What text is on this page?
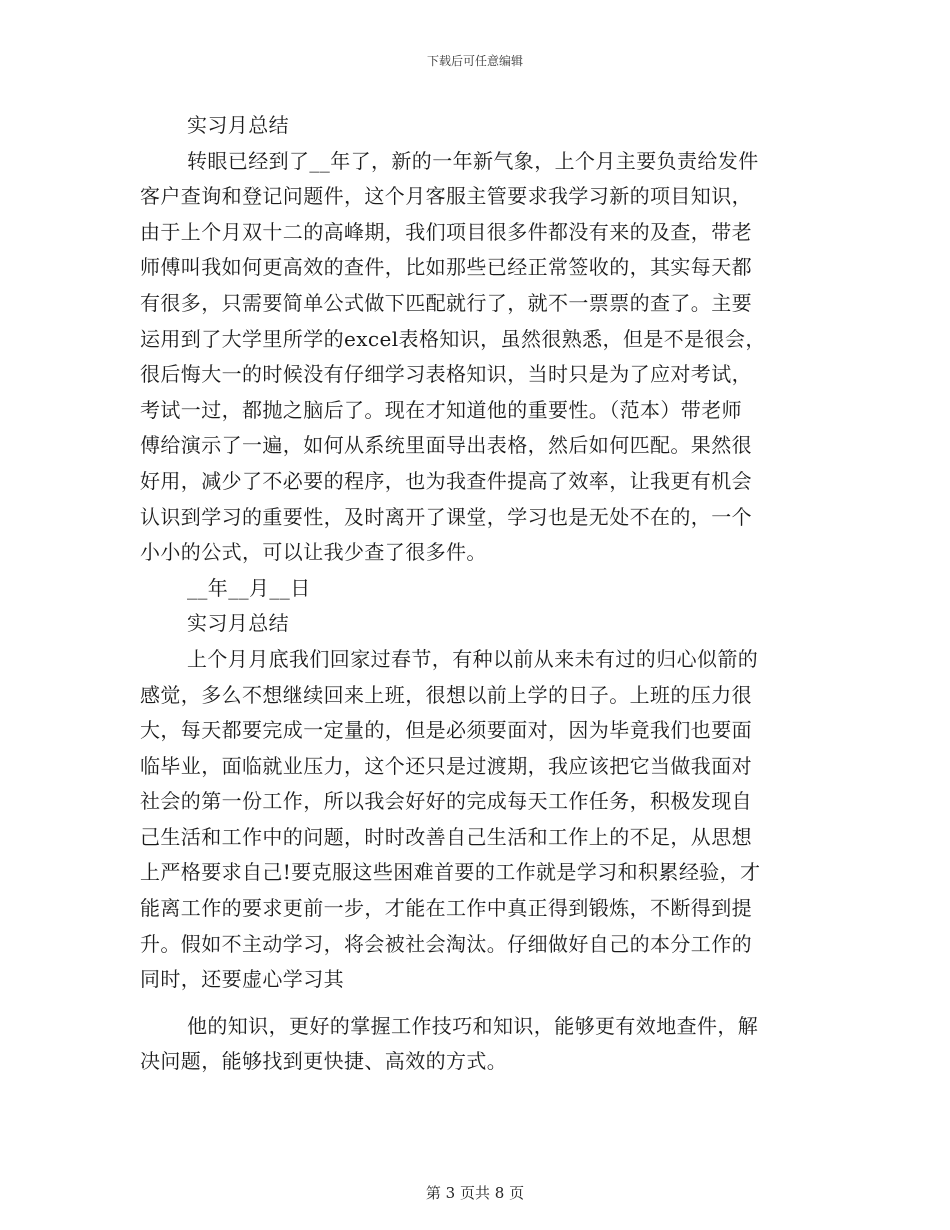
下载后可任意编辑
实习月总结
转眼已经到了__年了，新的一年新气象，上个月主要负责给发件
客户查询和登记问题件，这个月客服主管要求我学习新的项目知识，
由于上个月双十二的高峰期，我们项目很多件都没有来的及查，带老
师傅叫我如何更高效的查件，比如那些已经正常签收的，其实每天都
有很多，只需要简单公式做下匹配就行了，就不一票票的查了。主要
运用到了大学里所学的excel表格知识，虽然很熟悉，但是不是很会，
很后悔大一的时候没有仔细学习表格知识，当时只是为了应对考试，
考试一过，都抛之脑后了。现在才知道他的重要性。（范本）带老师
傅给演示了一遍，如何从系统里面导出表格，然后如何匹配。果然很
好用，减少了不必要的程序，也为我查件提高了效率，让我更有机会
认识到学习的重要性，及时离开了课堂，学习也是无处不在的，一个
小小的公式，可以让我少查了很多件。
__年__月__日
实习月总结
上个月月底我们回家过春节，有种以前从来未有过的归心似箭的
感觉，多么不想继续回来上班，很想以前上学的日子。上班的压力很
大，每天都要完成一定量的，但是必须要面对，因为毕竟我们也要面
临毕业，面临就业压力，这个还只是过渡期，我应该把它当做我面对
社会的第一份工作，所以我会好好的完成每天工作任务，积极发现自
己生活和工作中的问题，时时改善自己生活和工作上的不足，从思想
上严格要求自己!要克服这些困难首要的工作就是学习和积累经验，才
能离工作的要求更前一步，才能在工作中真正得到锻炼，不断得到提
升。假如不主动学习，将会被社会淘汰。仔细做好自己的本分工作的
同时，还要虚心学习其
他的知识，更好的掌握工作技巧和知识，能够更有效地查件，解
决问题，能够找到更快捷、高效的方式。
第 3 页共 8 页
